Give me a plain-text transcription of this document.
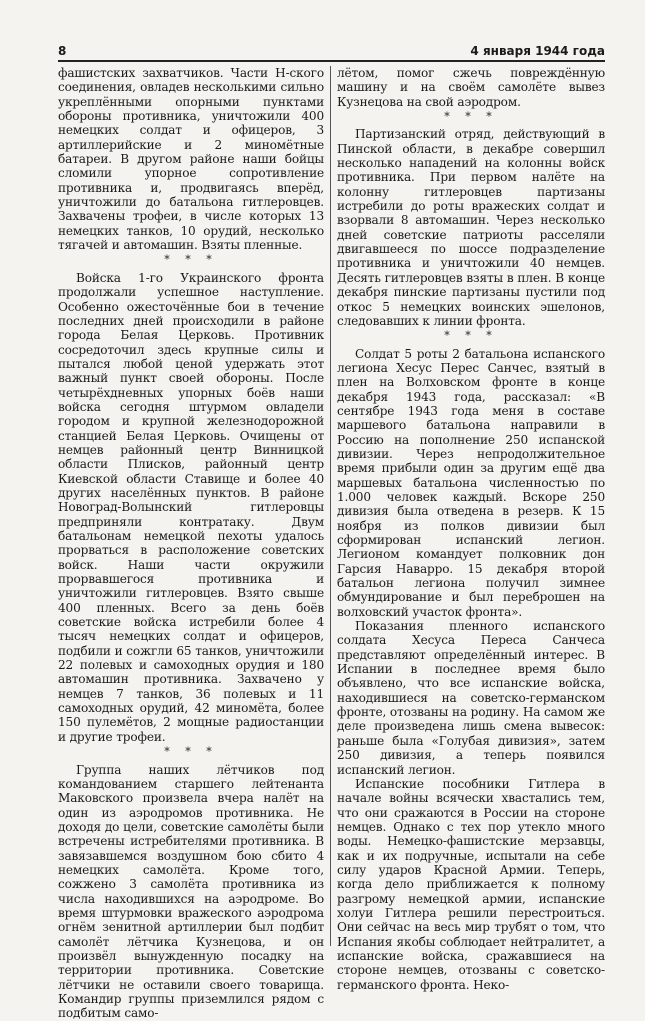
8	4 января 1944 года

фашистских захватчиков. Части Н-ского соединения, овладев несколькими сильно укреплёнными опорными пунктами обороны противника, уничтожили 400 немецких солдат и офицеров, 3 артиллерийские и 2 миномётные батареи. В другом районе наши бойцы сломили упорное сопротивление противника и, продвигаясь вперёд, уничтожили до батальона гитлеровцев. Захвачены трофеи, в числе которых 13 немецких танков, 10 орудий, несколько тягачей и автомашин. Взяты пленные.

* * *

Войска 1-го Украинского фронта продолжали успешное наступление. Особенно ожесточённые бои в течение последних дней происходили в районе города Белая Церковь. Противник сосредоточил здесь крупные силы и пытался любой ценой удержать этот важный пункт своей обороны. После четырёхдневных упорных боёв наши войска сегодня штурмом овладели городом и крупной железнодорожной станцией Белая Церковь. Очищены от немцев районный центр Винницкой области Плисков, районный центр Киевской области Ставище и более 40 других населённых пунктов. В районе Новоград-Волынский гитлеровцы предприняли контратаку. Двум батальонам немецкой пехоты удалось прорваться в расположение советских войск. Наши части окружили прорвавшегося противника и уничтожили гитлеровцев. Взято свыше 400 пленных. Всего за день боёв советские войска истребили более 4 тысяч немецких солдат и офицеров, подбили и сожгли 65 танков, уничтожили 22 полевых и самоходных орудия и 180 автомашин противника. Захвачено у немцев 7 танков, 36 полевых и 11 самоходных орудий, 42 миномёта, более 150 пулемётов, 2 мощные радиостанции и другие трофеи.

* * *

Группа наших лётчиков под командованием старшего лейтенанта Маковского произвела вчера налёт на один из аэродромов противника. Не доходя до цели, советские самолёты были встречены истребителями противника. В завязавшемся воздушном бою сбито 4 немецких самолёта. Кроме того, сожжено 3 самолёта противника из числа находившихся на аэродроме. Во время штурмовки вражеского аэродрома огнём зенитной артиллерии был подбит самолёт лётчика Кузнецова, и он произвёл вынужденную посадку на территории противника. Советские лётчики не оставили своего товарища. Командир группы приземлился рядом с подбитым само-

лётом, помог сжечь повреждённую машину и на своём самолёте вывез Кузнецова на свой аэродром.

* * *

Партизанский отряд, действующий в Пинской области, в декабре совершил несколько нападений на колонны войск противника. При первом налёте на колонну гитлеровцев партизаны истребили до роты вражеских солдат и взорвали 8 автомашин. Через несколько дней советские патриоты расселяли двигавшееся по шоссе подразделение противника и уничтожили 40 немцев. Десять гитлеровцев взяты в плен. В конце декабря пинские партизаны пустили под откос 5 немецких воинских эшелонов, следовавших к линии фронта.

* * *

Солдат 5 роты 2 батальона испанского легиона Хесус Перес Санчес, взятый в плен на Волховском фронте в конце декабря 1943 года, рассказал: «В сентябре 1943 года меня в составе маршевого батальона направили в Россию на пополнение 250 испанской дивизии. Через непродолжительное время прибыли один за другим ещё два маршевых батальона численностью по 1.000 человек каждый. Вскоре 250 дивизия была отведена в резерв. К 15 ноября из полков дивизии был сформирован испанский легион. Легионом командует полковник дон Гарсия Наварро. 15 декабря второй батальон легиона получил зимнее обмундирование и был переброшен на волховский участок фронта».

Показания пленного испанского солдата Хесуса Переса Санчеса представляют определённый интерес. В Испании в последнее время было объявлено, что все испанские войска, находившиеся на советско-германском фронте, отозваны на родину. На самом же деле произведена лишь смена вывесок: раньше была «Голубая дивизия», затем 250 дивизия, а теперь появился испанский легион.

Испанские пособники Гитлера в начале войны всячески хвастались тем, что они сражаются в России на стороне немцев. Однако с тех пор утекло много воды. Немецко-фашистские мерзавцы, как и их подручные, испытали на себе силу ударов Красной Армии. Теперь, когда дело приближается к полному разгрому немецкой армии, испанские холуи Гитлера решили перестроиться. Они сейчас на весь мир трубят о том, что Испания якобы соблюдает нейтралитет, а испанские войска, сражавшиеся на стороне немцев, отозваны с советско-германского фронта. Неко-
